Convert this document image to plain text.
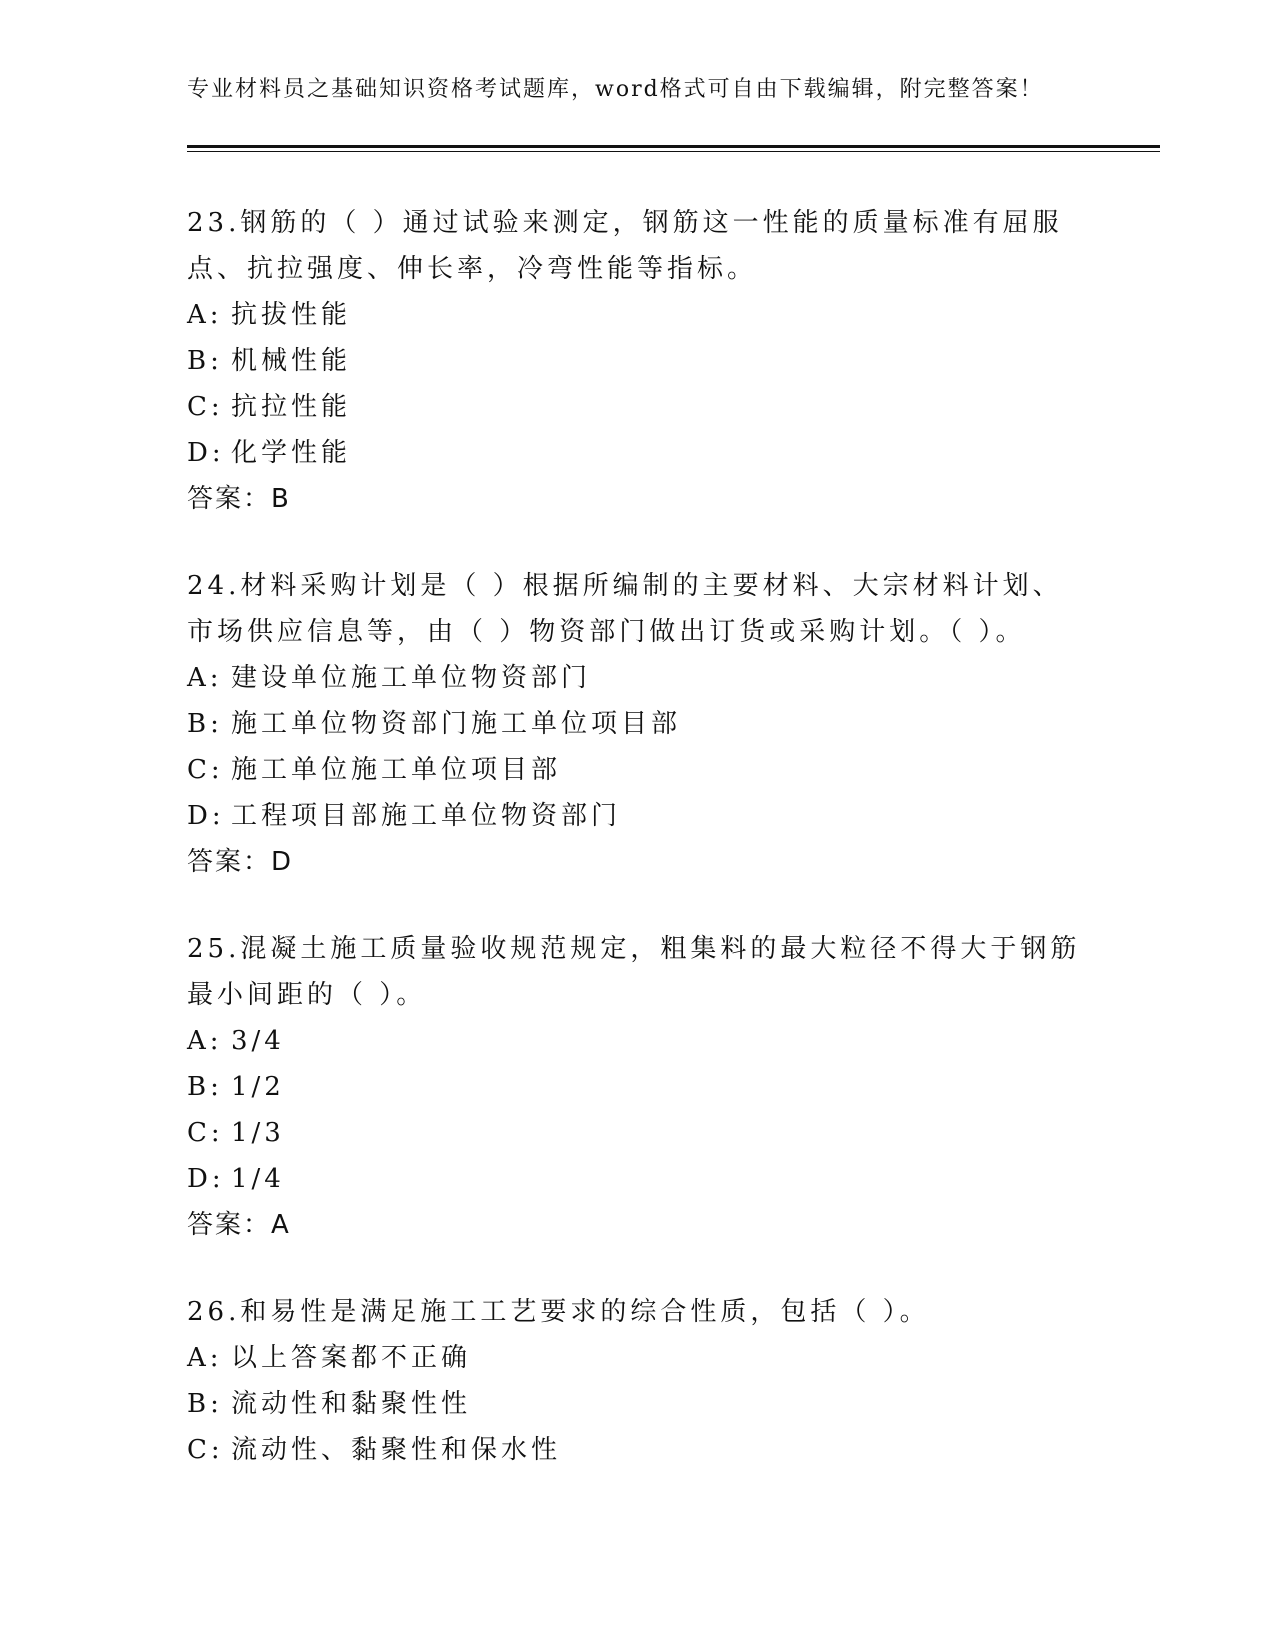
专业材料员之基础知识资格考试题库，word格式可自由下载编辑，附完整答案！

23.钢筋的（ ）通过试验来测定，钢筋这一性能的质量标准有屈服点、抗拉强度、伸长率，冷弯性能等指标。

A: 抗拔性能

B: 机械性能

C: 抗拉性能

D: 化学性能

答案：B

24.材料采购计划是（ ）根据所编制的主要材料、大宗材料计划、市场供应信息等，由（ ）物资部门做出订货或采购计划。（ ）。

A: 建设单位施工单位物资部门

B: 施工单位物资部门施工单位项目部

C: 施工单位施工单位项目部

D: 工程项目部施工单位物资部门

答案：D

25.混凝土施工质量验收规范规定，粗集料的最大粒径不得大于钢筋最小间距的（ ）。

A: 3/4

B: 1/2

C: 1/3

D: 1/4

答案：A

26.和易性是满足施工工艺要求的综合性质，包括（ ）。

A: 以上答案都不正确

B: 流动性和黏聚性性

C: 流动性、黏聚性和保水性
